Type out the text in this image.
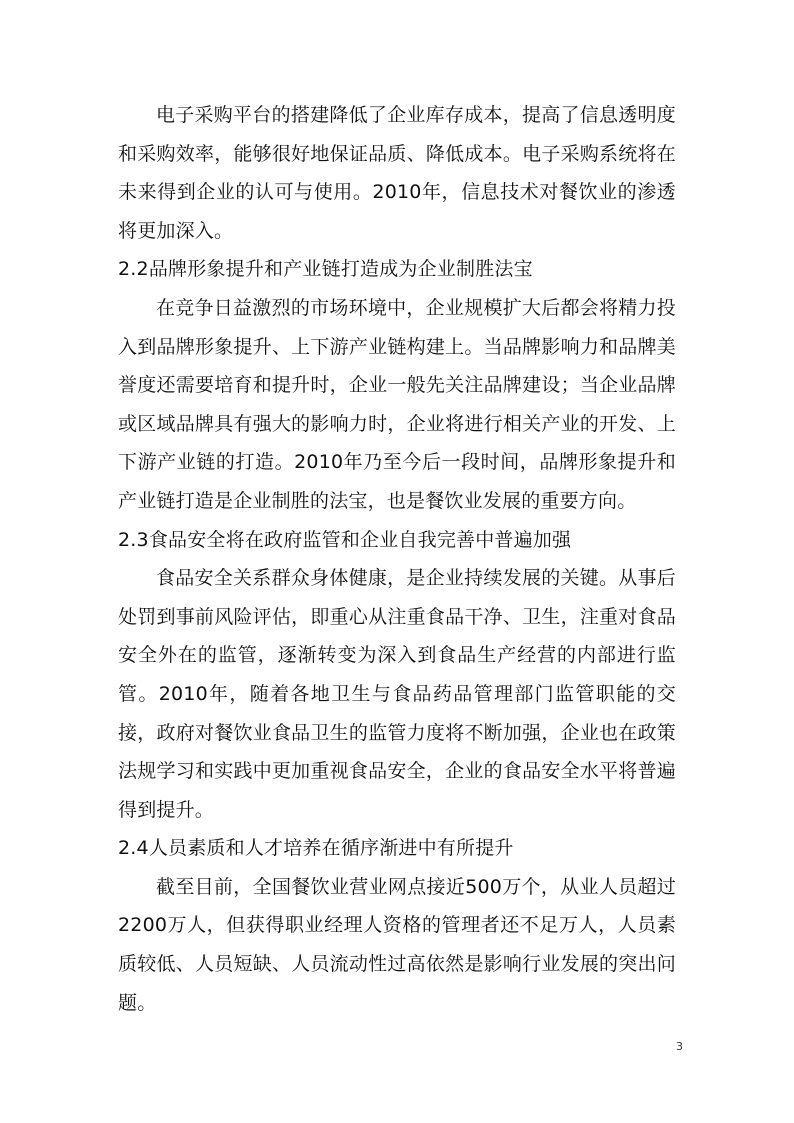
电子采购平台的搭建降低了企业库存成本，提高了信息透明度和采购效率，能够很好地保证品质、降低成本。电子采购系统将在未来得到企业的认可与使用。2010年，信息技术对餐饮业的渗透将更加深入。

2.2品牌形象提升和产业链打造成为企业制胜法宝

在竞争日益激烈的市场环境中，企业规模扩大后都会将精力投入到品牌形象提升、上下游产业链构建上。当品牌影响力和品牌美誉度还需要培育和提升时，企业一般先关注品牌建设；当企业品牌或区域品牌具有强大的影响力时，企业将进行相关产业的开发、上下游产业链的打造。2010年乃至今后一段时间，品牌形象提升和产业链打造是企业制胜的法宝，也是餐饮业发展的重要方向。

2.3食品安全将在政府监管和企业自我完善中普遍加强

食品安全关系群众身体健康，是企业持续发展的关键。从事后处罚到事前风险评估，即重心从注重食品干净、卫生，注重对食品安全外在的监管，逐渐转变为深入到食品生产经营的内部进行监管。2010年，随着各地卫生与食品药品管理部门监管职能的交接，政府对餐饮业食品卫生的监管力度将不断加强，企业也在政策法规学习和实践中更加重视食品安全，企业的食品安全水平将普遍得到提升。

2.4人员素质和人才培养在循序渐进中有所提升

截至目前，全国餐饮业营业网点接近500万个，从业人员超过2200万人，但获得职业经理人资格的管理者还不足万人，人员素质较低、人员短缺、人员流动性过高依然是影响行业发展的突出问题。

3
